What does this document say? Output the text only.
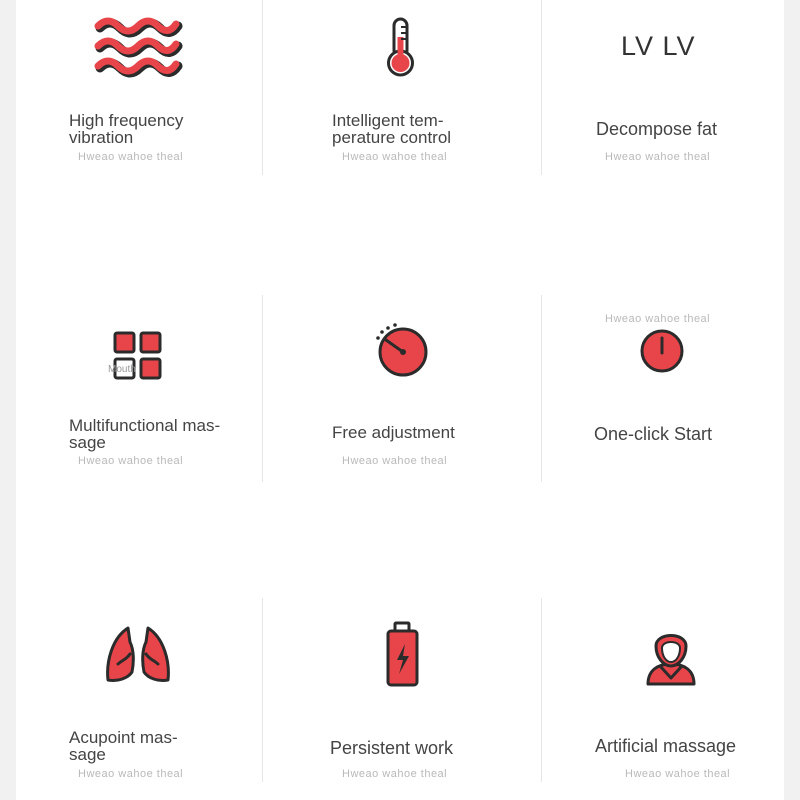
High frequency
vibration
Hweao wahoe theal
Intelligent tem-
perature control
Hweao wahoe theal
LV LV
Decompose fat
Hweao wahoe theal
Mouth
Multifunctional mas-
sage
Hweao wahoe theal
Free adjustment
Hweao wahoe theal
Hweao wahoe theal
One-click Start
Acupoint mas-
sage
Hweao wahoe theal
Persistent work
Hweao wahoe theal
Artificial massage
Hweao wahoe theal
